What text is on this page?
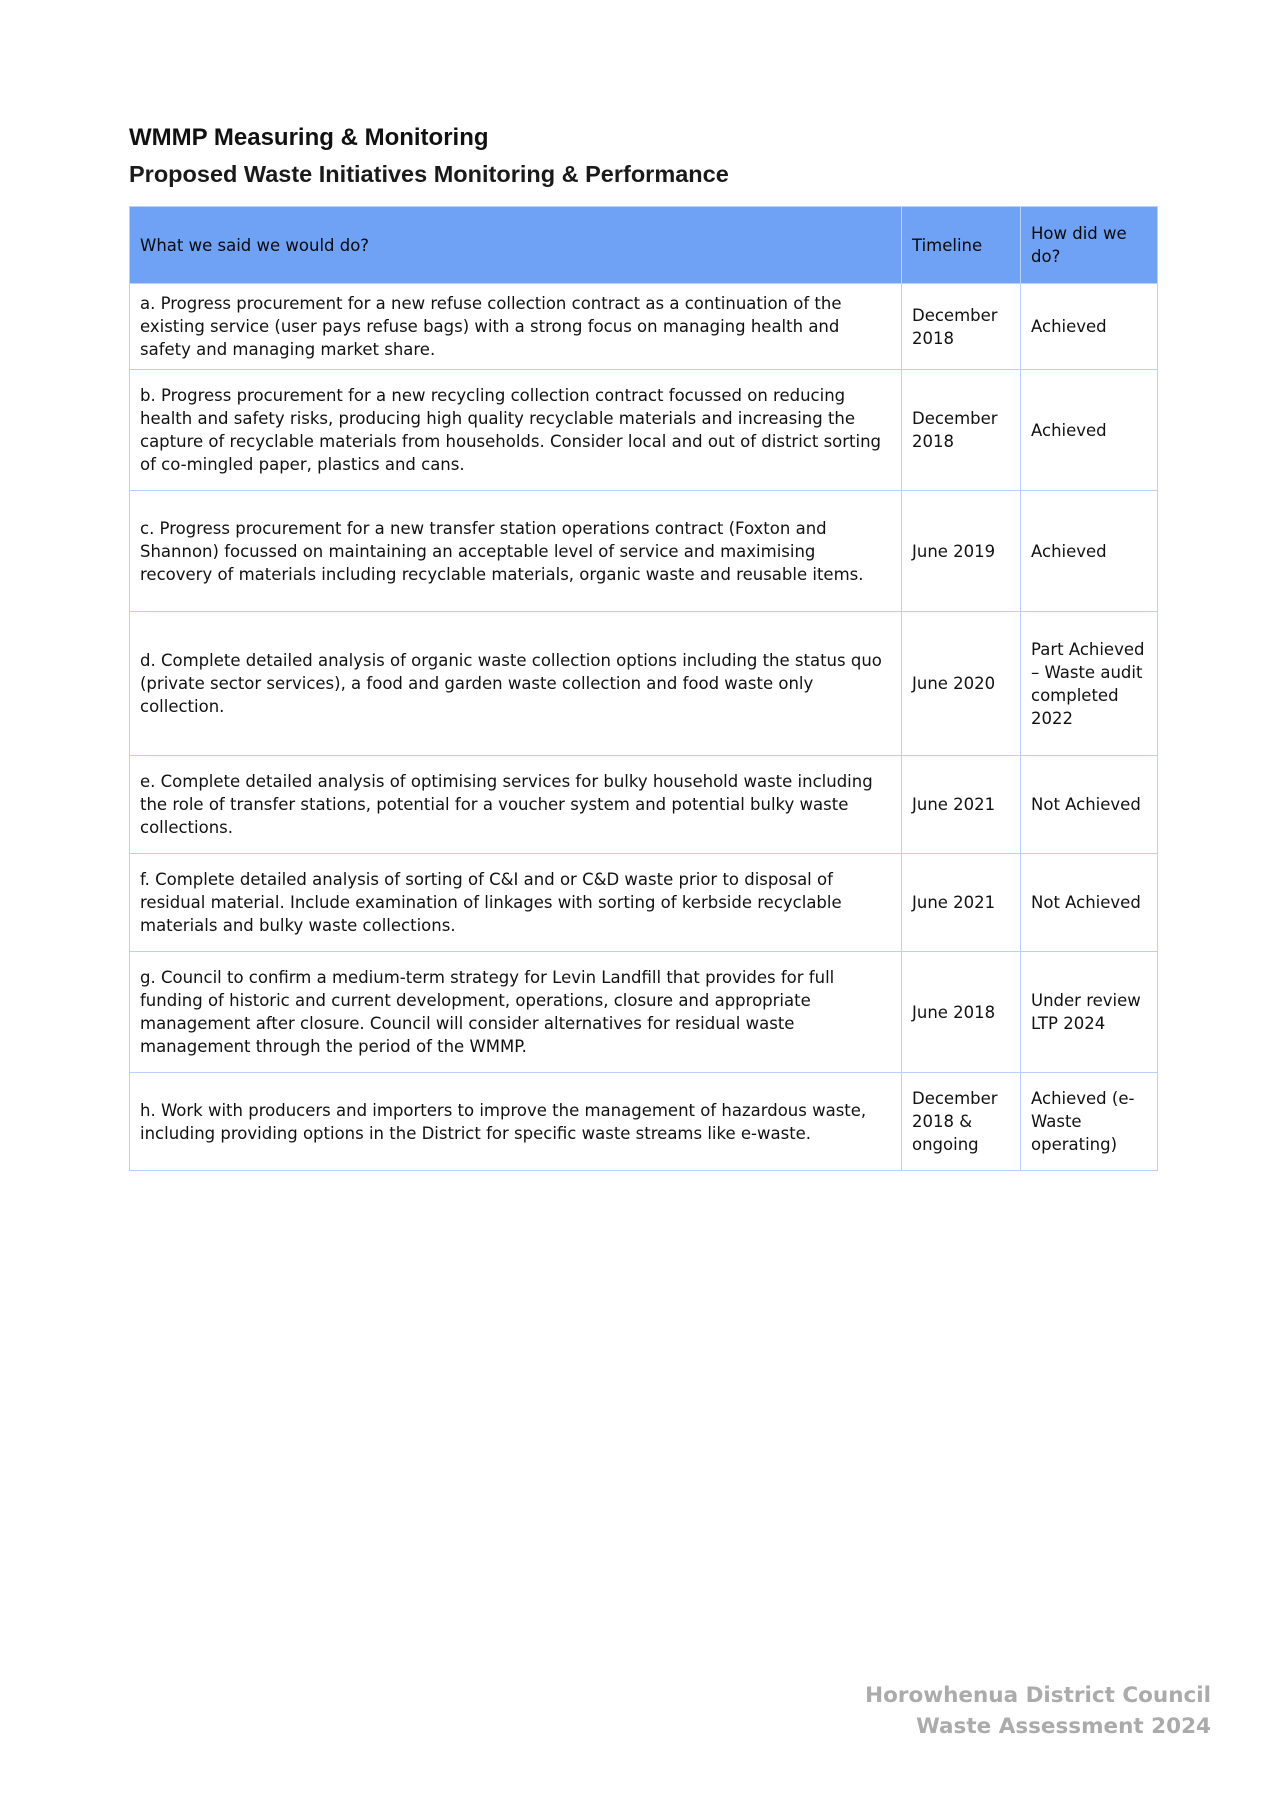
WMMP Measuring & Monitoring
Proposed Waste Initiatives Monitoring & Performance
What we said we would do?	Timeline	How did we do?
a. Progress procurement for a new refuse collection contract as a continuation of the existing service (user pays refuse bags) with a strong focus on managing health and safety and managing market share.	December 2018	Achieved
b. Progress procurement for a new recycling collection contract focussed on reducing health and safety risks, producing high quality recyclable materials and increasing the capture of recyclable materials from households. Consider local and out of district sorting of co-mingled paper, plastics and cans.	December 2018	Achieved
c. Progress procurement for a new transfer station operations contract (Foxton and Shannon) focussed on maintaining an acceptable level of service and maximising recovery of materials including recyclable materials, organic waste and reusable items.	June 2019	Achieved
d. Complete detailed analysis of organic waste collection options including the status quo (private sector services), a food and garden waste collection and food waste only collection.	June 2020	Part Achieved – Waste audit completed 2022
e. Complete detailed analysis of optimising services for bulky household waste including the role of transfer stations, potential for a voucher system and potential bulky waste collections.	June 2021	Not Achieved
f. Complete detailed analysis of sorting of C&I and or C&D waste prior to disposal of residual material. Include examination of linkages with sorting of kerbside recyclable materials and bulky waste collections.	June 2021	Not Achieved
g. Council to confirm a medium-term strategy for Levin Landfill that provides for full funding of historic and current development, operations, closure and appropriate management after closure. Council will consider alternatives for residual waste management through the period of the WMMP.	June 2018	Under review LTP 2024
h. Work with producers and importers to improve the management of hazardous waste, including providing options in the District for specific waste streams like e-waste.	December 2018 & ongoing	Achieved (e-Waste operating)
Horowhenua District Council
Waste Assessment 2024
